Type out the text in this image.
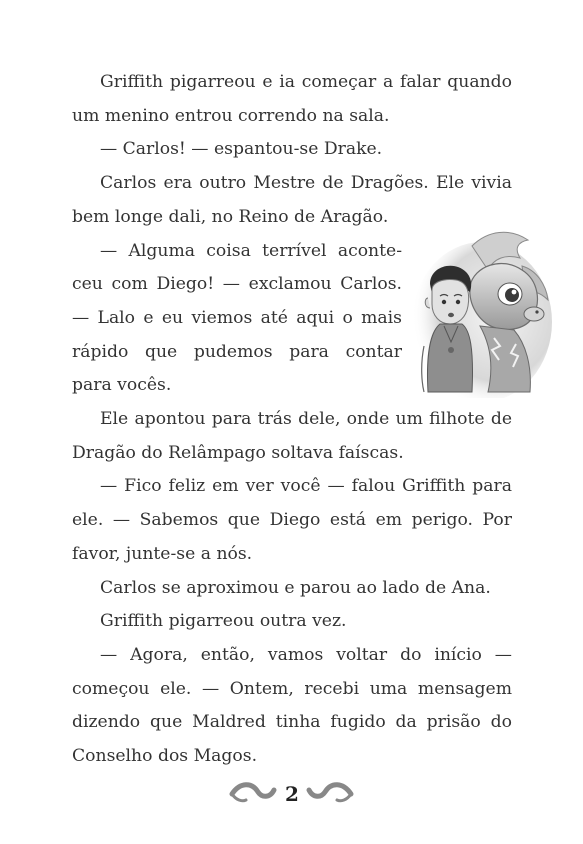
Griffith pigarreou e ia começar a falar quando um menino entrou correndo na sala.

— Carlos! — espantou-se Drake.

Carlos era outro Mestre de Dragões. Ele vivia bem longe dali, no Reino de Aragão.

— Alguma coisa terrível acontе-
ceu com Diego! — exclamou Carlos.
— Lalo e eu viemos até aqui o mais
rápido que pudemos para contar
para vocês.

Ele apontou para trás dele, onde um filhote de Dragão do Relâmpago soltava faíscas.

— Fico feliz em ver você — falou Griffith para ele. — Sabemos que Diego está em perigo. Por favor, junte-se a nós.

Carlos se aproximou e parou ao lado de Ana.

Griffith pigarreou outra vez.

— Agora, então, vamos voltar do início — começou ele. — Ontem, recebi uma mensagem dizendo que Maldred tinha fugido da prisão do Conselho dos Magos.

2
